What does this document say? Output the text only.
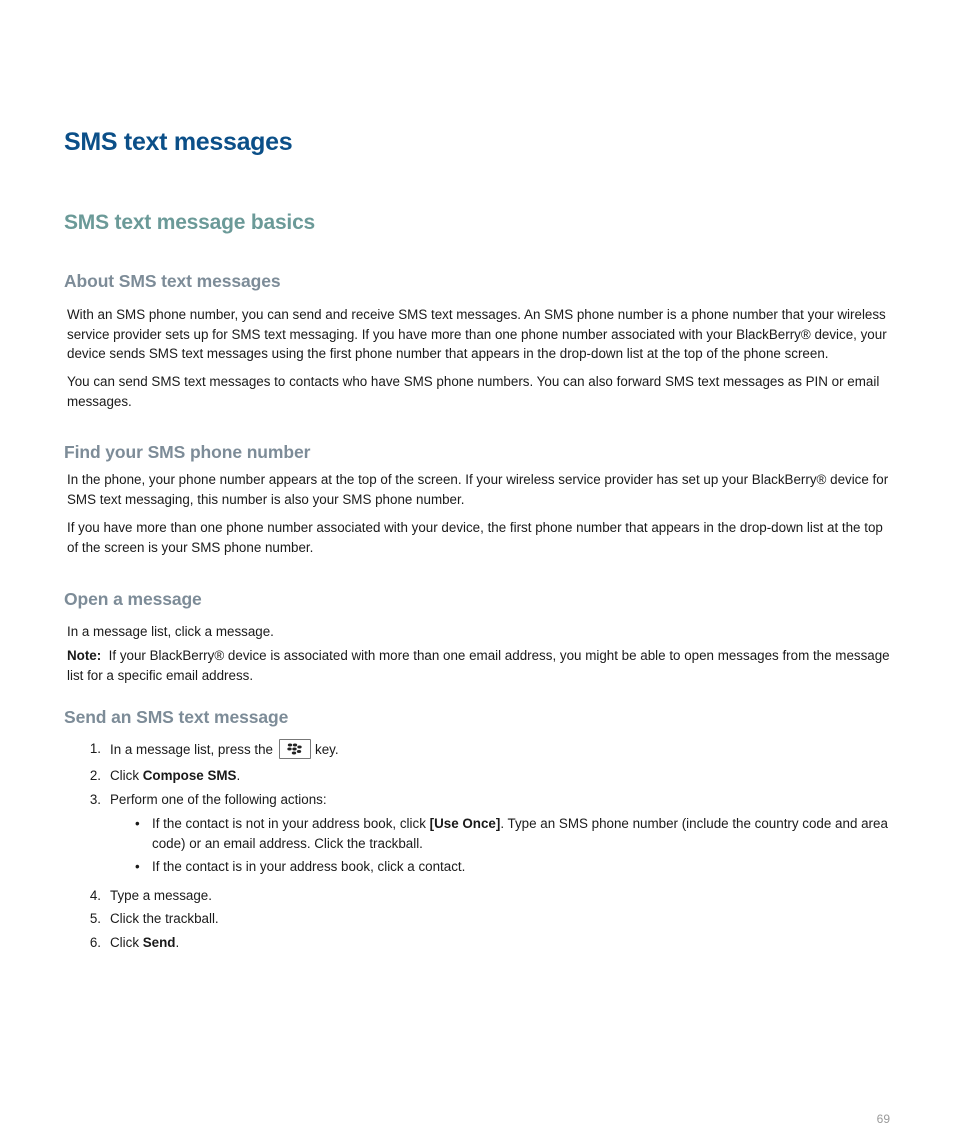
SMS text messages
SMS text message basics
About SMS text messages

With an SMS phone number, you can send and receive SMS text messages. An SMS phone number is a phone number that your wireless service provider sets up for SMS text messaging. If you have more than one phone number associated with your BlackBerry® device, your device sends SMS text messages using the first phone number that appears in the drop-down list at the top of the phone screen.

You can send SMS text messages to contacts who have SMS phone numbers. You can also forward SMS text messages as PIN or email messages.

Find your SMS phone number

In the phone, your phone number appears at the top of the screen. If your wireless service provider has set up your BlackBerry® device for SMS text messaging, this number is also your SMS phone number.

If you have more than one phone number associated with your device, the first phone number that appears in the drop-down list at the top of the screen is your SMS phone number.

Open a message

In a message list, click a message.

Note: If your BlackBerry® device is associated with more than one email address, you might be able to open messages from the message list for a specific email address.

Send an SMS text message
1. In a message list, press the	key.
2. Click Compose SMS.
3. Perform one of the following actions:
• If the contact is not in your address book, click [Use Once]. Type an SMS phone number (include the country code and area code) or an email address. Click the trackball.
• If the contact is in your address book, click a contact.
4. Type a message.
5. Click the trackball.
6. Click Send.
69
